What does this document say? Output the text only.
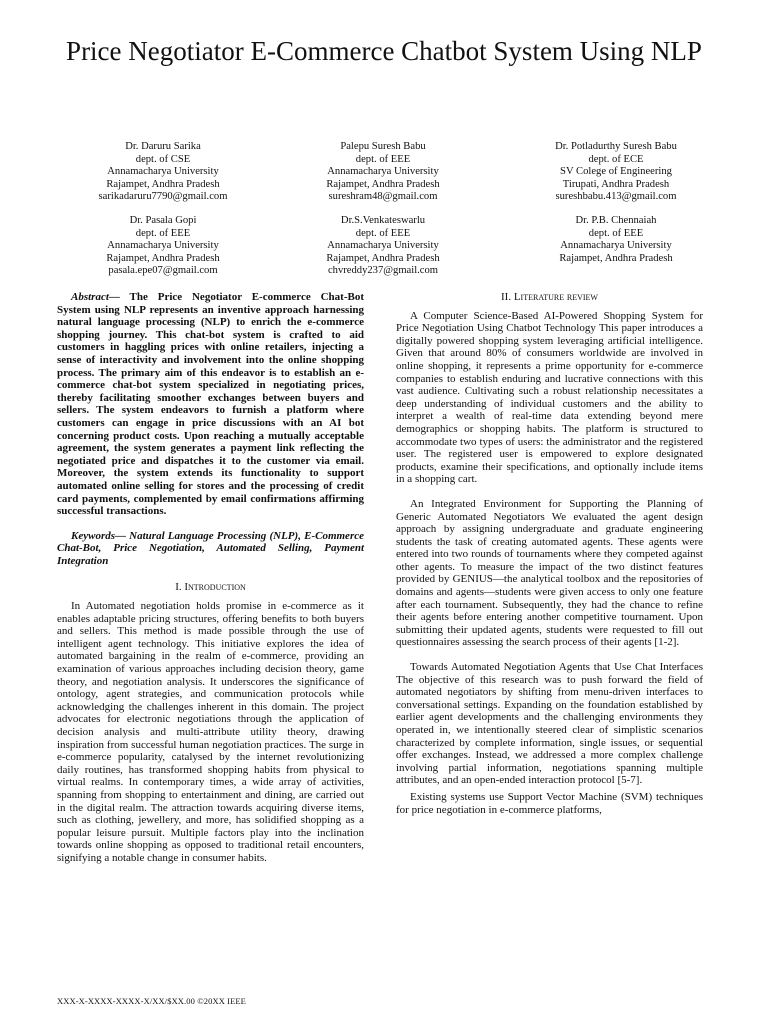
Price Negotiator E-Commerce Chatbot System Using NLP
Dr. Daruru Sarika
dept. of CSE
Annamacharya University
Rajampet, Andhra Pradesh
sarikadaruru7790@gmail.com
Palepu Suresh Babu
dept. of EEE
Annamacharya University
Rajampet, Andhra Pradesh
sureshram48@gmail.com
Dr. Potladurthy Suresh Babu
dept. of ECE
SV Colege of Engineering
Tirupati, Andhra Pradesh
sureshbabu.413@gmail.com
Dr. Pasala Gopi
dept. of EEE
Annamacharya University
Rajampet, Andhra Pradesh
pasala.epe07@gmail.com
Dr.S.Venkateswarlu
dept. of EEE
Annamacharya University
Rajampet, Andhra Pradesh
chvreddy237@gmail.com
Dr. P.B. Chennaiah
dept. of EEE
Annamacharya University
Rajampet, Andhra Pradesh

Abstract— The Price Negotiator E-commerce Chat-Bot System using NLP represents an inventive approach harnessing natural language processing (NLP) to enrich the e-commerce shopping journey. This chat-bot system is crafted to aid customers in haggling prices with online retailers, injecting a sense of interactivity and involvement into the online shopping process. The primary aim of this endeavor is to establish an e-commerce chat-bot system specialized in negotiating prices, thereby facilitating smoother exchanges between buyers and sellers. The system endeavors to furnish a platform where customers can engage in price discussions with an AI bot concerning product costs. Upon reaching a mutually acceptable agreement, the system generates a payment link reflecting the negotiated price and dispatches it to the customer via email. Moreover, the system extends its functionality to support automated online selling for stores and the processing of credit card payments, complemented by email confirmations affirming successful transactions.

Keywords— Natural Language Processing (NLP), E-Commerce Chat-Bot, Price Negotiation, Automated Selling, Payment Integration

I. Introduction

In Automated negotiation holds promise in e-commerce as it enables adaptable pricing structures, offering benefits to both buyers and sellers. This method is made possible through the use of intelligent agent technology. This initiative explores the idea of automated bargaining in the realm of e-commerce, providing an examination of various approaches including decision theory, game theory, and negotiation analysis. It underscores the significance of ontology, agent strategies, and communication protocols while acknowledging the challenges inherent in this domain. The project advocates for electronic negotiations through the application of decision analysis and multi-attribute utility theory, drawing inspiration from successful human negotiation practices. The surge in e-commerce popularity, catalysed by the internet revolutionizing daily routines, has transformed shopping habits from physical to virtual realms. In contemporary times, a wide array of activities, spanning from shopping to entertainment and dining, are carried out in the digital realm. The attraction towards acquiring diverse items, such as clothing, jewellery, and more, has solidified shopping as a popular leisure pursuit. Multiple factors play into the inclination towards online shopping as opposed to traditional retail encounters, signifying a notable change in consumer habits.

II. Literature review

A Computer Science-Based AI-Powered Shopping System for Price Negotiation Using Chatbot Technology This paper introduces a digitally powered shopping system leveraging artificial intelligence. Given that around 80% of consumers worldwide are involved in online shopping, it represents a prime opportunity for e-commerce companies to establish enduring and lucrative connections with this vast audience. Cultivating such a robust relationship necessitates a deep understanding of individual customers and the ability to interpret a wealth of real-time data extending beyond mere demographics or shopping habits. The platform is structured to accommodate two types of users: the administrator and the registered user. The registered user is empowered to explore designated products, examine their specifications, and optionally include items in a shopping cart.

An Integrated Environment for Supporting the Planning of Generic Automated Negotiators We evaluated the agent design approach by assigning undergraduate and graduate engineering students the task of creating automated agents. These agents were entered into two rounds of tournaments where they competed against other agents. To measure the impact of the two distinct features provided by GENIUS—the analytical toolbox and the repositories of domains and agents—students were given access to only one feature after each tournament. Subsequently, they had the chance to refine their agents before entering another competitive tournament. Upon submitting their updated agents, students were requested to fill out questionnaires assessing the search process of their agents [1-2].

Towards Automated Negotiation Agents that Use Chat Interfaces The objective of this research was to push forward the field of automated negotiators by shifting from menu-driven interfaces to conversational settings. Expanding on the foundation established by earlier agent developments and the challenging environments they operated in, we intentionally steered clear of simplistic scenarios characterized by complete information, single issues, or sequential offer exchanges. Instead, we addressed a more complex challenge involving partial information, negotiations spanning multiple attributes, and an open-ended interaction protocol [5-7].

Existing systems use Support Vector Machine (SVM) techniques for price negotiation in e-commerce platforms,

XXX-X-XXXX-XXXX-X/XX/$XX.00 ©20XX IEEE
